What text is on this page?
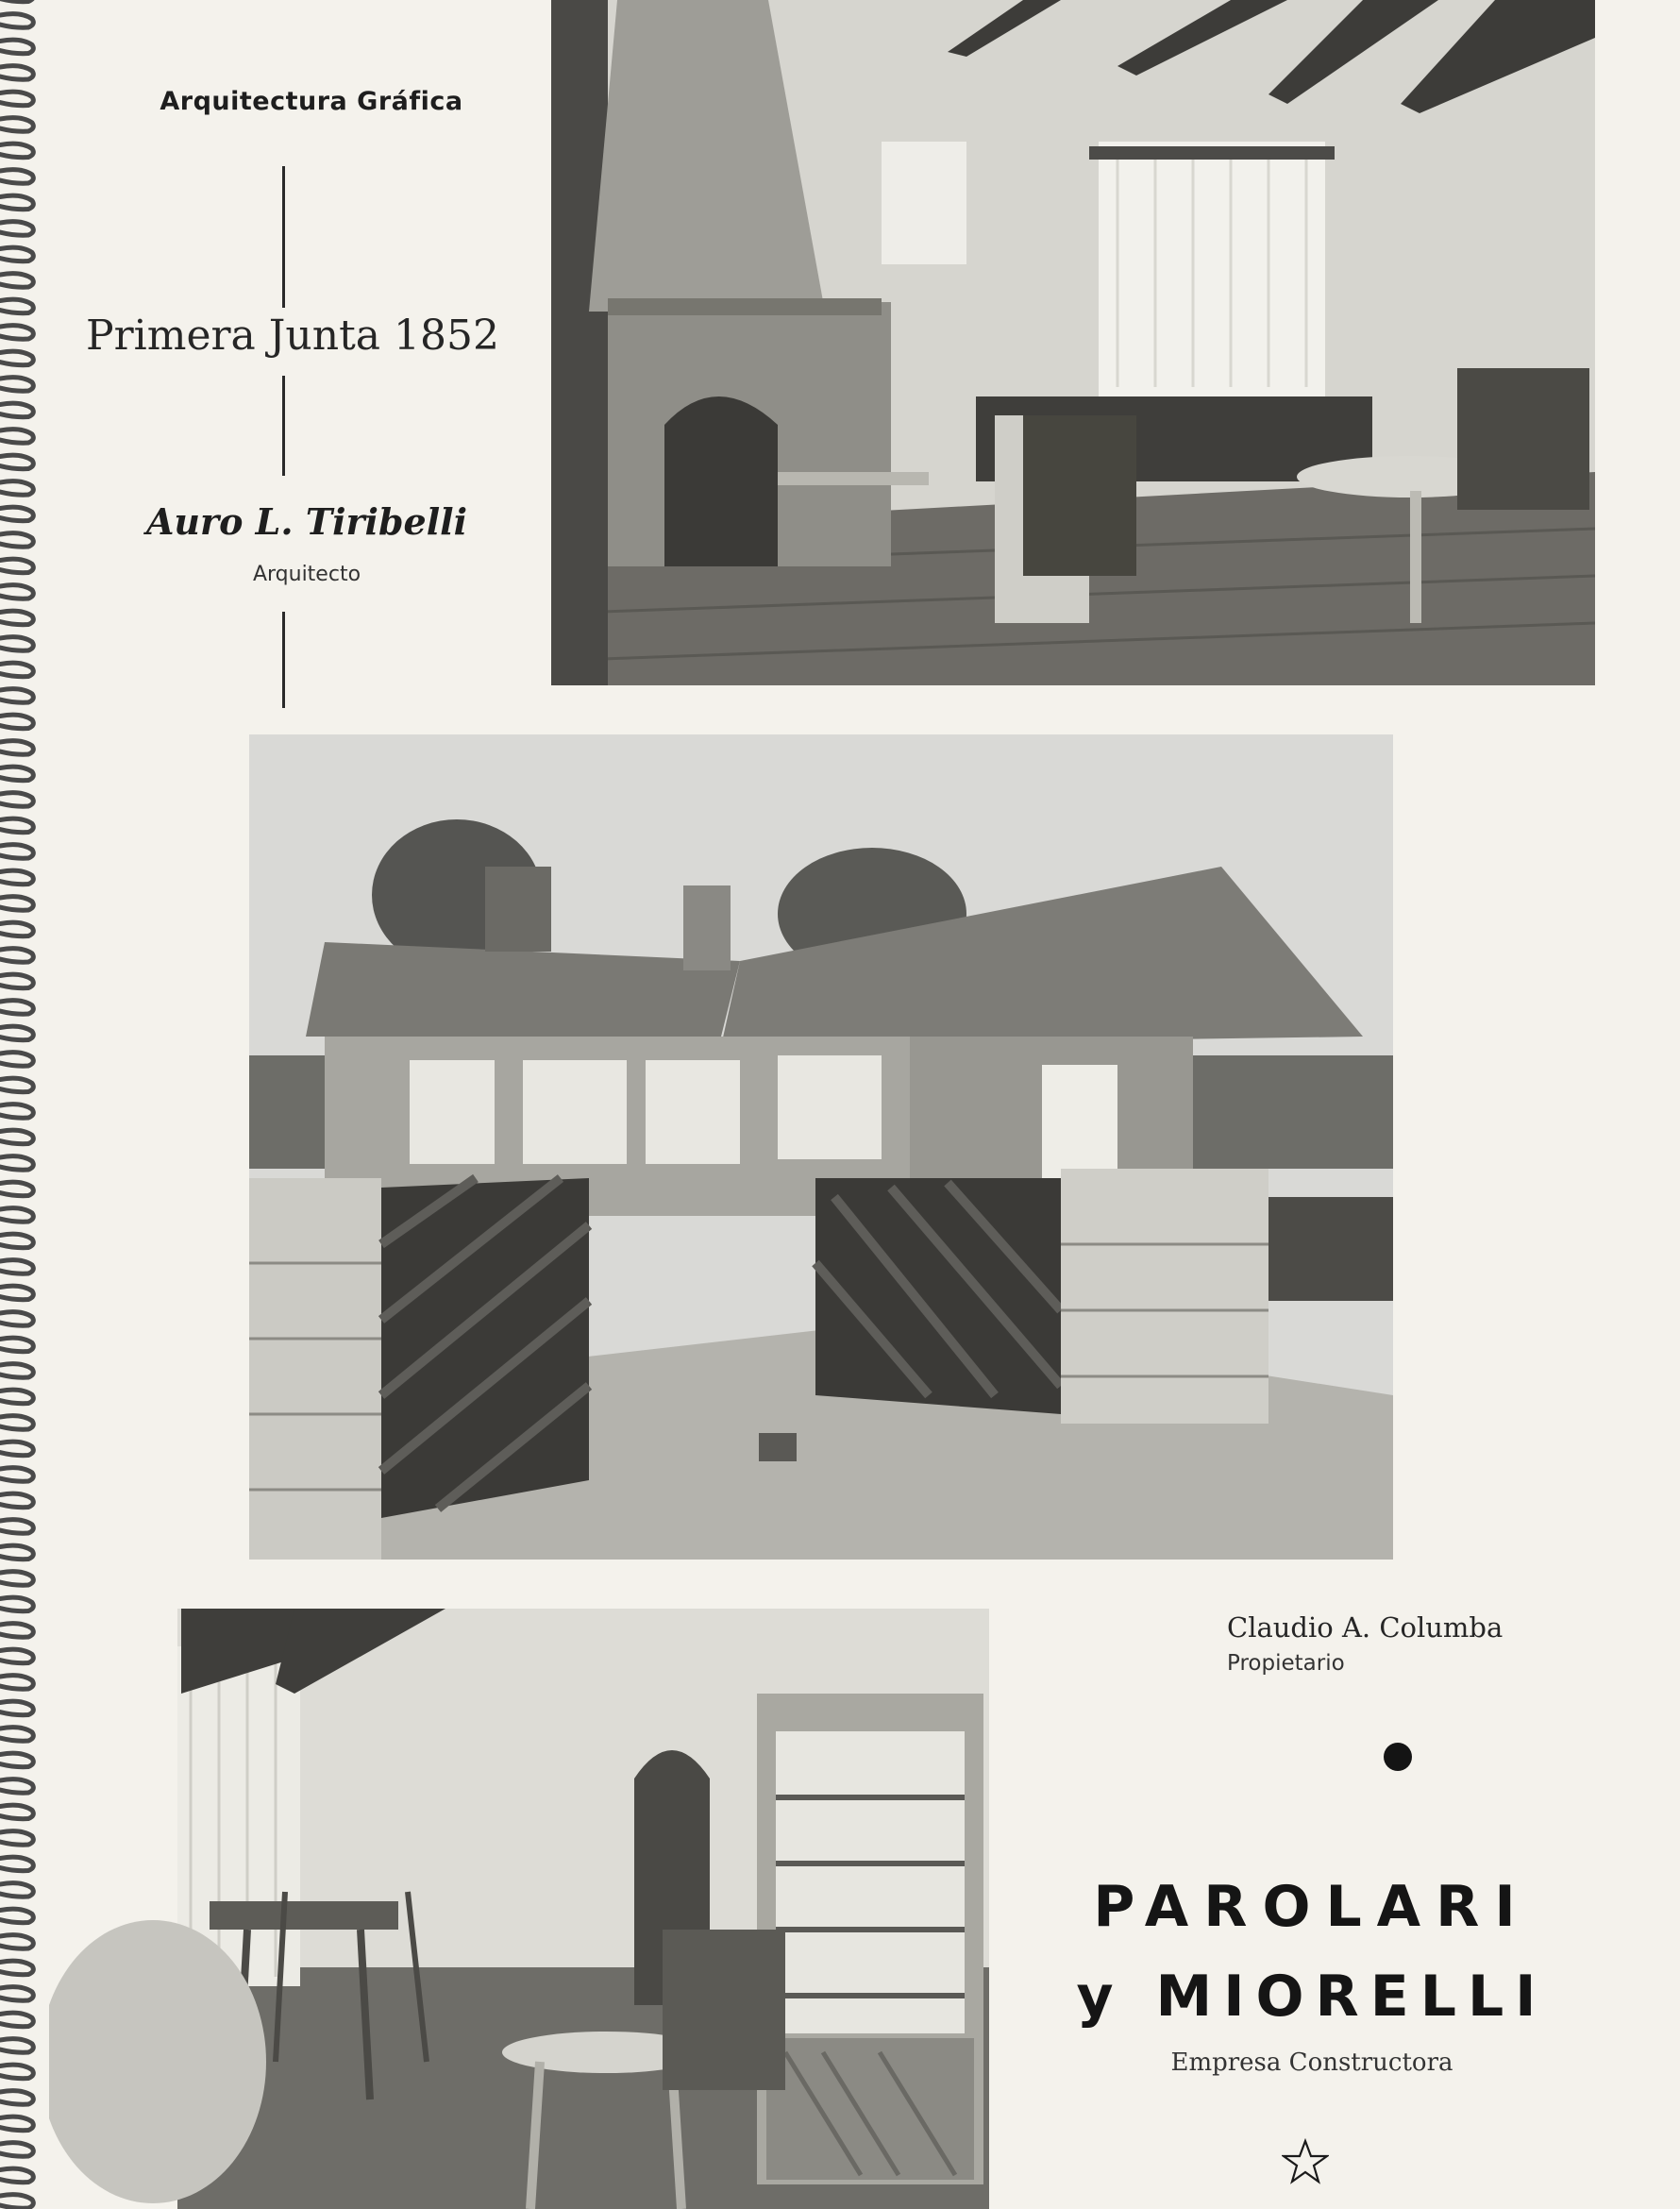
Arquitectura Gráfica
Primera Junta 1852
Auro L. Tiribelli
Arquitecto
Claudio A. Columba
Propietario
PAROLARI
y MIORELLI
Empresa Constructora
